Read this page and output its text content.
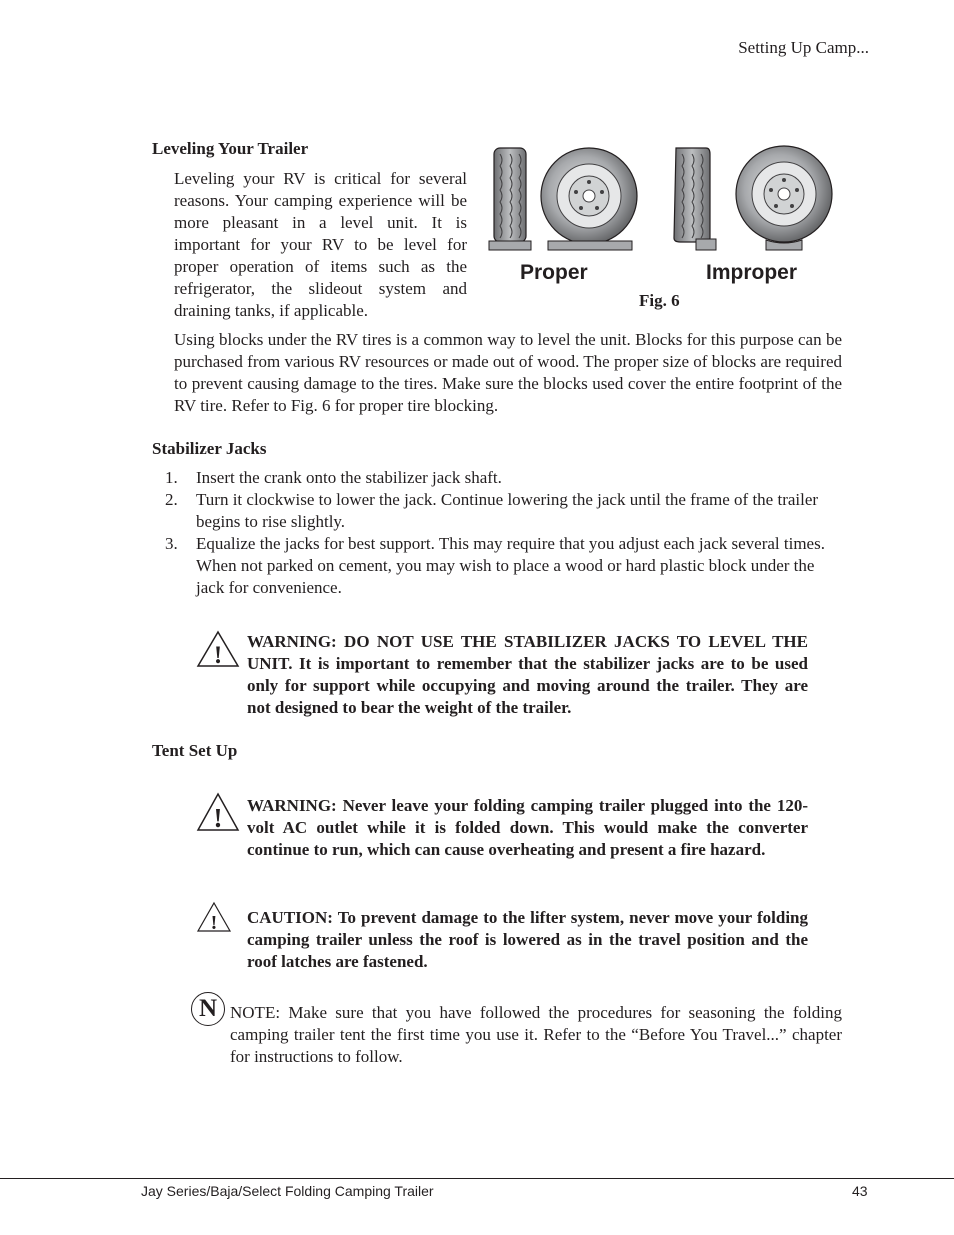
Setting Up Camp...
Leveling Your Trailer
Leveling your RV is critical for several reasons. Your camping experience will be more pleasant in a level unit. It is important for your RV to be level for proper operation of items such as the refrigerator, the slideout system and draining tanks, if applicable.
Proper	Improper
Fig. 6
Using blocks under the RV tires is a common way to level the unit. Blocks for this purpose can be purchased from various RV resources or made out of wood. The proper size of blocks are required to prevent causing damage to the tires. Make sure the blocks used cover the entire footprint of the RV tire. Refer to Fig. 6 for proper tire blocking.
Stabilizer Jacks
1.	Insert the crank onto the stabilizer jack shaft.
2.	Turn it clockwise to lower the jack. Continue lowering the jack until the frame of the trailer begins to rise slightly.
3.	Equalize the jacks for best support. This may require that you adjust each jack several times. When not parked on cement, you may wish to place a wood or hard plastic block under the jack for convenience.
!
WARNING: DO NOT USE THE STABILIZER JACKS TO LEVEL THE UNIT. It is important to remember that the stabilizer jacks are to be used only for support while occupying and moving around the trailer. They are not designed to bear the weight of the trailer.
Tent Set Up
! WARNING: Never leave your folding camping trailer plugged into the 120-volt AC outlet while it is folded down. This would make the converter continue to run, which can cause overheating and present a fire hazard.
! CAUTION: To prevent damage to the lifter system, never move your folding camping trailer unless the roof is lowered as in the travel position and the roof latches are fastened.
N NOTE: Make sure that you have followed the procedures for seasoning the folding camping trailer tent the first time you use it. Refer to the “Before You Travel...” chapter for instructions to follow.
Jay Series/Baja/Select Folding Camping Trailer	43
